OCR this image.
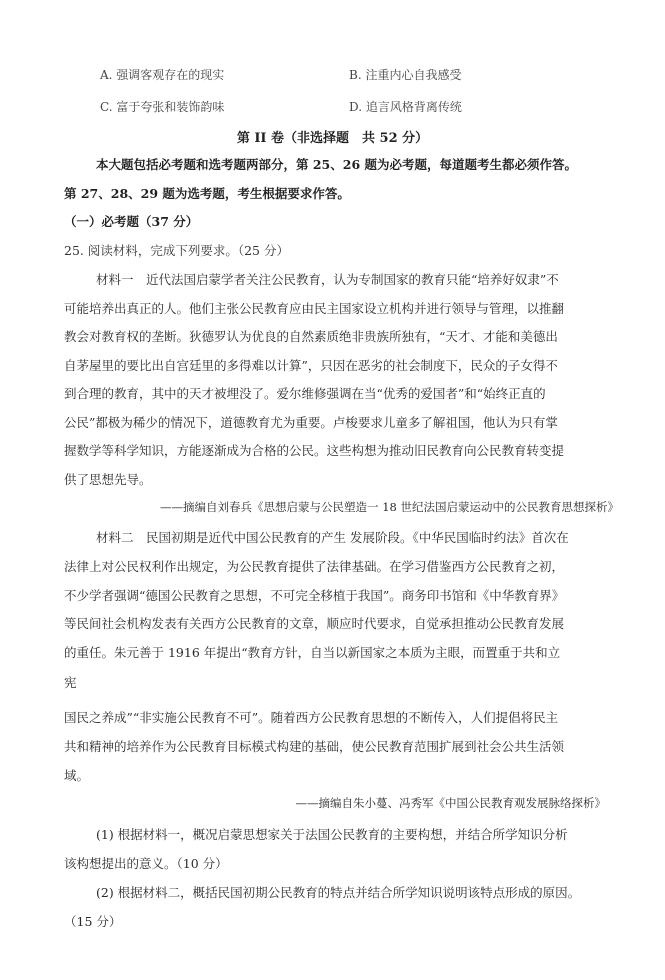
A. 强调客观存在的现实	B. 注重内心自我感受
C. 富于夸张和装饰韵味	D. 追言风格背离传统
第 II 卷（非选择题　共 52 分）
本大题包括必考题和选考题两部分，第 25、26 题为必考题，每道题考生都必须作答。
第 27、28、29 题为选考题，考生根据要求作答。
（一）必考题（37 分）
25. 阅读材料，完成下列要求。（25 分）
材料一　近代法国启蒙学者关注公民教育，认为专制国家的教育只能“培养好奴隶”不
可能培养出真正的人。他们主张公民教育应由民主国家设立机构并进行领导与管理，以推翻
教会对教育权的垄断。狄德罗认为优良的自然素质绝非贵族所独有，“天才、才能和美德出
自茅屋里的要比出自宫廷里的多得难以计算”，只因在恶劣的社会制度下，民众的子女得不
到合理的教育，其中的天才被埋没了。爱尔维修强调在当“优秀的爱国者”和“始终正直的
公民”都极为稀少的情况下，道德教育尤为重要。卢梭要求儿童多了解祖国，他认为只有掌
握数学等科学知识，方能逐渐成为合格的公民。这些构想为推动旧民教育向公民教育转变提
供了思想先导。
——摘编自刘春兵《思想启蒙与公民塑造一 18 世纪法国启蒙运动中的公民教育思想探析》
材料二　民国初期是近代中国公民教育的产生 发展阶段。《中华民国临时约法》首次在
法律上对公民权利作出规定，为公民教育提供了法律基础。在学习借鉴西方公民教育之初，
不少学者强调“德国公民教育之思想，不可完全移植于我国”。商务印书馆和《中华教育界》
等民间社会机构发表有关西方公民教育的文章，顺应时代要求，自觉承担推动公民教育发展
的重任。朱元善于 1916 年提出“教育方针，自当以新国家之本质为主眼，而置重于共和立
宪
国民之养成”“非实施公民教育不可”。随着西方公民教育思想的不断传入，人们提倡将民主
共和精神的培养作为公民教育目标模式构建的基础，使公民教育范围扩展到社会公共生活领
域。
——摘编自朱小蔓、冯秀军《中国公民教育观发展脉络探析》
(1) 根据材料一，概况启蒙思想家关于法国公民教育的主要构想，并结合所学知识分析
该构想提出的意义。（10 分）
(2) 根据材料二，概括民国初期公民教育的特点并结合所学知识说明该特点形成的原因。
（15 分）
